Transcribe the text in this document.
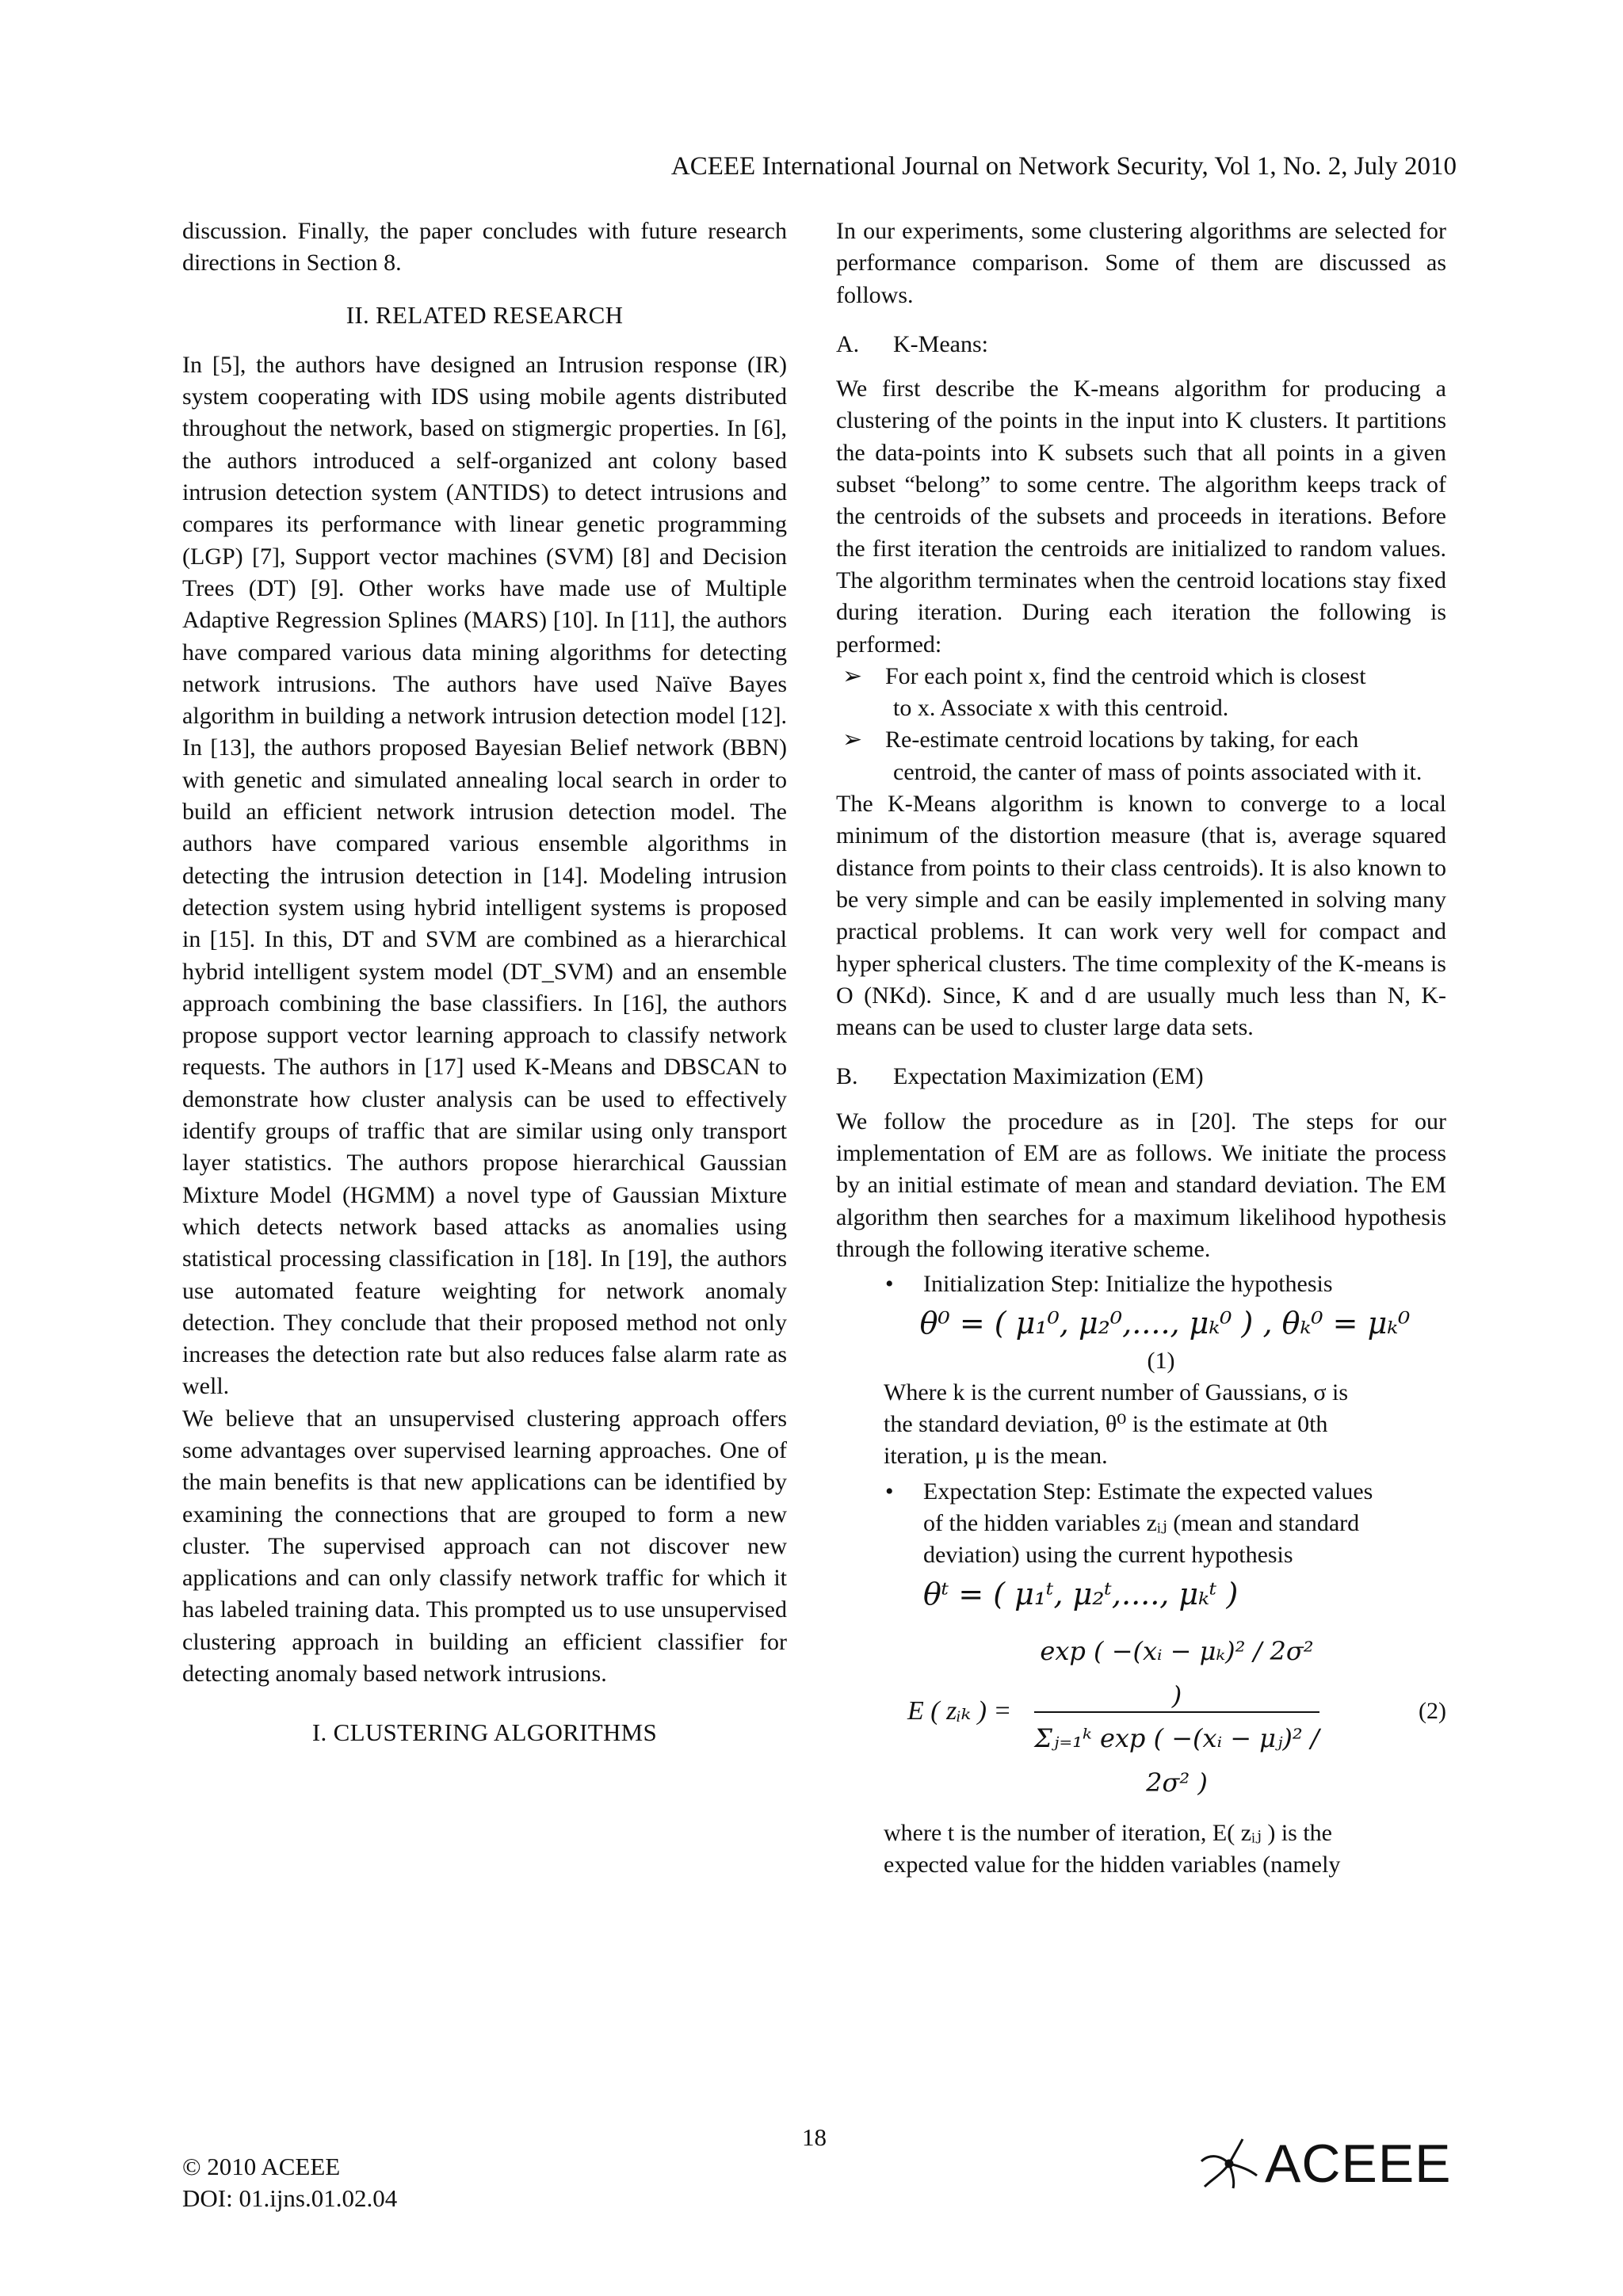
ACEEE International Journal on Network Security, Vol 1, No. 2, July 2010

discussion. Finally, the paper concludes with future research directions in Section 8.

II. RELATED RESEARCH

In [5], the authors have designed an Intrusion response (IR) system cooperating with IDS using mobile agents distributed throughout the network, based on stigmergic properties. In [6], the authors introduced a self-organized ant colony based intrusion detection system (ANTIDS) to detect intrusions and compares its performance with linear genetic programming (LGP) [7], Support vector machines (SVM) [8] and Decision Trees (DT) [9]. Other works have made use of Multiple Adaptive Regression Splines (MARS) [10]. In [11], the authors have compared various data mining algorithms for detecting network intrusions. The authors have used Naïve Bayes algorithm in building a network intrusion detection model [12]. In [13], the authors proposed Bayesian Belief network (BBN) with genetic and simulated annealing local search in order to build an efficient network intrusion detection model. The authors have compared various ensemble algorithms in detecting the intrusion detection in [14]. Modeling intrusion detection system using hybrid intelligent systems is proposed in [15]. In this, DT and SVM are combined as a hierarchical hybrid intelligent system model (DT_SVM) and an ensemble approach combining the base classifiers. In [16], the authors propose support vector learning approach to classify network requests. The authors in [17] used K-Means and DBSCAN to demonstrate how cluster analysis can be used to effectively identify groups of traffic that are similar using only transport layer statistics. The authors propose hierarchical Gaussian Mixture Model (HGMM) a novel type of Gaussian Mixture which detects network based attacks as anomalies using statistical processing classification in [18]. In [19], the authors use automated feature weighting for network anomaly detection. They conclude that their proposed method not only increases the detection rate but also reduces false alarm rate as well.

We believe that an unsupervised clustering approach offers some advantages over supervised learning approaches. One of the main benefits is that new applications can be identified by examining the connections that are grouped to form a new cluster. The supervised approach can not discover new applications and can only classify network traffic for which it has labeled training data. This prompted us to use unsupervised clustering approach in building an efficient classifier for detecting anomaly based network intrusions.

I. CLUSTERING ALGORITHMS

In our experiments, some clustering algorithms are selected for performance comparison. Some of them are discussed as follows.

A. K-Means:

We first describe the K-means algorithm for producing a clustering of the points in the input into K clusters. It partitions the data-points into K subsets such that all points in a given subset “belong” to some centre. The algorithm keeps track of the centroids of the subsets and proceeds in iterations. Before the first iteration the centroids are initialized to random values. The algorithm terminates when the centroid locations stay fixed during iteration. During each iteration the following is performed:

➢ For each point x, find the centroid which is closest
to x. Associate x with this centroid.
➢ Re-estimate centroid locations by taking, for each
centroid, the canter of mass of points associated with it.

The K-Means algorithm is known to converge to a local minimum of the distortion measure (that is, average squared distance from points to their class centroids). It is also known to be very simple and can be easily implemented in solving many practical problems. It can work very well for compact and hyper spherical clusters. The time complexity of the K-means is O (NKd). Since, K and d are usually much less than N, K-means can be used to cluster large data sets.

B. Expectation Maximization (EM)

We follow the procedure as in [20]. The steps for our implementation of EM are as follows. We initiate the process by an initial estimate of mean and standard deviation. The EM algorithm then searches for a maximum likelihood hypothesis through the following iterative scheme.

• Initialization Step: Initialize the hypothesis
θ⁰ = ( μ₁⁰, μ₂⁰,...., μₖ⁰ ) , θₖ⁰ = μₖ⁰
(1)
Where k is the current number of Gaussians, σ is
the standard deviation, θ⁰ is the estimate at 0th
iteration, μ is the mean.
• Expectation Step: Estimate the expected values
of the hidden variables zᵢⱼ (mean and standard
deviation) using the current hypothesis
θᵗ = ( μ₁ᵗ, μ₂ᵗ,...., μₖᵗ )
E ( zᵢₖ ) =
exp ( −(xᵢ − μₖ)² / 2σ² )
Σⱼ₌₁ᵏ exp ( −(xᵢ − μⱼ)² / 2σ² )
(2)
where t is the number of iteration, E( zᵢⱼ ) is the
expected value for the hidden variables (namely
18
© 2010 ACEEE
DOI: 01.ijns.01.02.04
ACEEE
